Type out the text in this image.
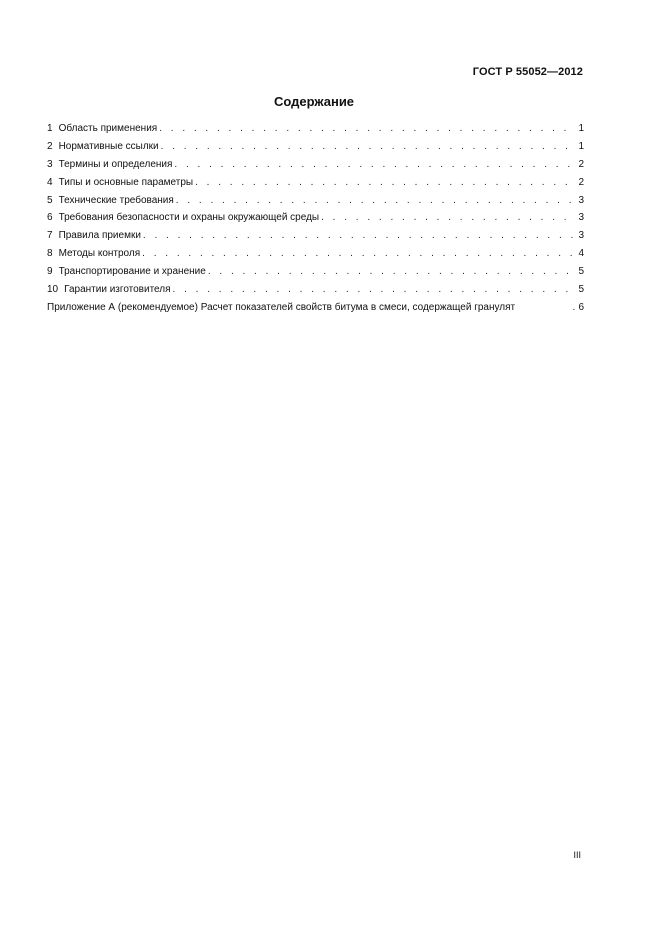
ГОСТ Р 55052—2012
Содержание
1 Область применения . . .	1
2 Нормативные ссылки . . .	1
3 Термины и определения . . .	2
4 Типы и основные параметры . . .	2
5 Технические требования . . .	3
6 Требования безопасности и охраны окружающей среды . . .	3
7 Правила приемки . . .	3
8 Методы контроля . . .	4
9 Транспортирование и хранение . . .	5
10 Гарантии изготовителя . . .	5
Приложение А (рекомендуемое) Расчет показателей свойств битума в смеси, содержащей гранулят . . .	6
III
